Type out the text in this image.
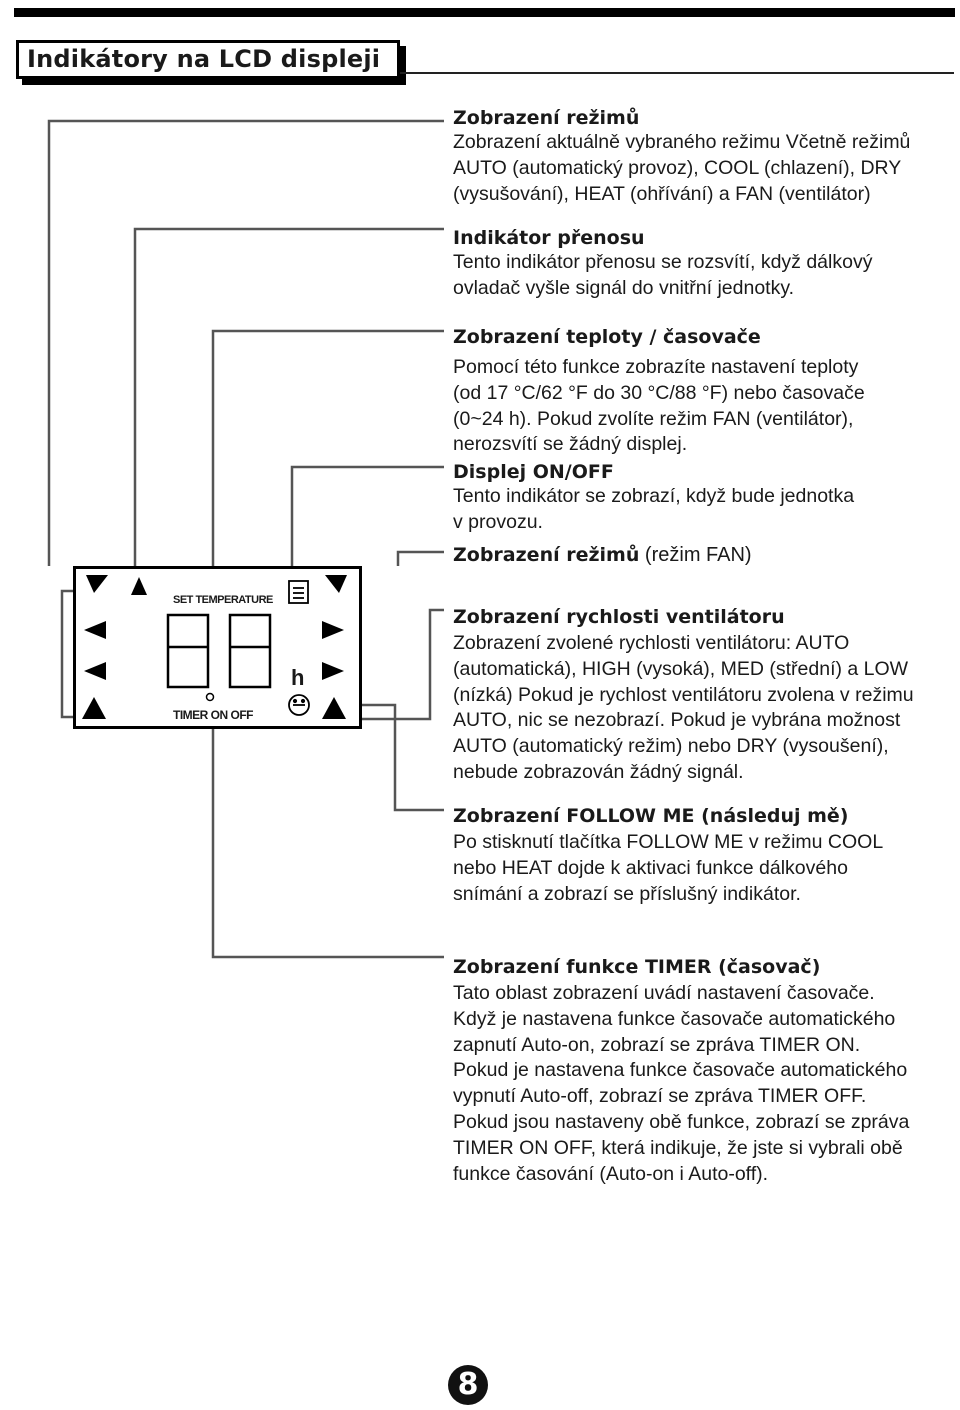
Indikátory na LCD displeji
SET TEMPERATURE
h
TIMER ON OFF
Zobrazení režimů

Zobrazení aktuálně vybraného režimu Včetně režimů

AUTO (automatický provoz), COOL (chlazení), DRY

(vysušování), HEAT (ohřívání) a FAN (ventilátor)

Indikátor přenosu

Tento indikátor přenosu se rozsvítí, když dálkový

ovladač vyšle signál do vnitřní jednotky.

Zobrazení teploty / časovače

Pomocí této funkce zobrazíte nastavení teploty

(od 17 °C/62 °F do 30 °C/88 °F) nebo časovače

(0~24 h). Pokud zvolíte režim FAN (ventilátor),

nerozsvítí se žádný displej.

Displej ON/OFF

Tento indikátor se zobrazí, když bude jednotka

v provozu.

Zobrazení režimů (režim FAN)
Zobrazení rychlosti ventilátoru

Zobrazení zvolené rychlosti ventilátoru: AUTO

(automatická), HIGH (vysoká), MED (střední) a LOW

(nízká) Pokud je rychlost ventilátoru zvolena v režimu

AUTO, nic se nezobrazí. Pokud je vybrána možnost

AUTO (automatický režim) nebo DRY (vysoušení),

nebude zobrazován žádný signál.

Zobrazení FOLLOW ME (následuj mě)

Po stisknutí tlačítka FOLLOW ME v režimu COOL

nebo HEAT dojde k aktivaci funkce dálkového

snímání a zobrazí se příslušný indikátor.

Zobrazení funkce TIMER (časovač)

Tato oblast zobrazení uvádí nastavení časovače.

Když je nastavena funkce časovače automatického

zapnutí Auto-on, zobrazí se zpráva TIMER ON.

Pokud je nastavena funkce časovače automatického

vypnutí Auto-off, zobrazí se zpráva TIMER OFF.

Pokud jsou nastaveny obě funkce, zobrazí se zpráva

TIMER ON OFF, která indikuje, že jste si vybrali obě

funkce časování (Auto-on i Auto-off).

8
